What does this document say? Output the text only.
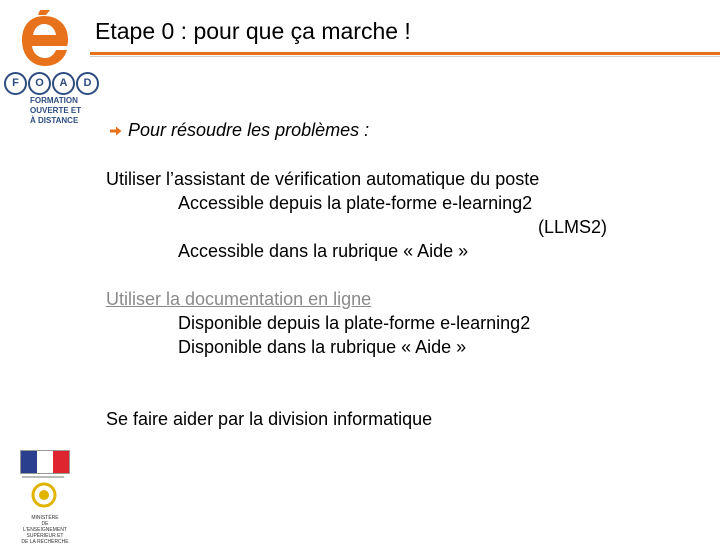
F	O	A	D
FORMATION
OUVERTE ET
À DISTANCE
MINISTÈRE
DE L'ENSEIGNEMENT
SUPÉRIEUR ET
DE LA RECHERCHE
Etape 0 : pour que ça marche !
Pour résoudre les problèmes :
Utiliser l’assistant de vérification automatique du poste
Accessible depuis la plate-forme e-learning2
(LLMS2)
Accessible dans la rubrique « Aide »
Utiliser la documentation en ligne
Disponible depuis la plate-forme e-learning2
Disponible dans la rubrique « Aide »
Se faire aider par la division informatique
